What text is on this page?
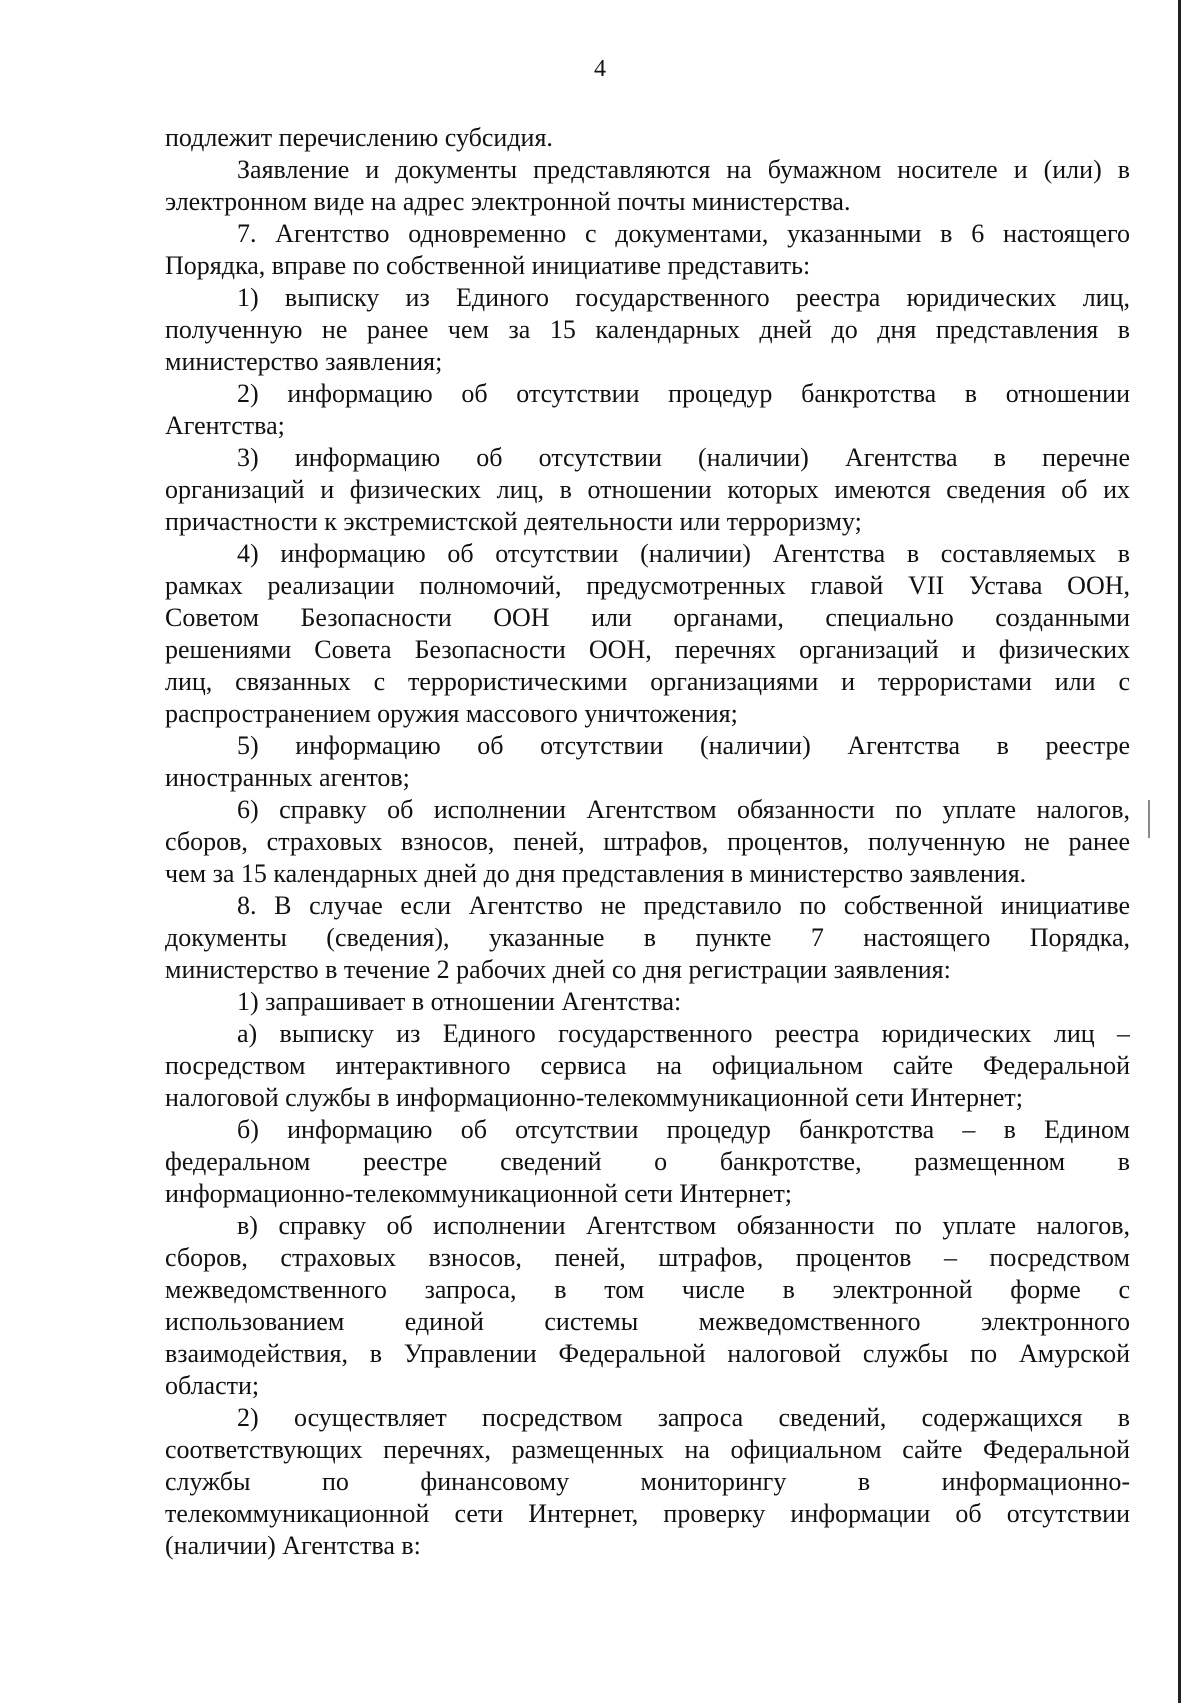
4
подлежит перечислению субсидия.
Заявление и документы представляются на бумажном носителе и (или) в
электронном виде на адрес электронной почты министерства.
7. Агентство одновременно с документами, указанными в 6 настоящего
Порядка, вправе по собственной инициативе представить:
1) выписку из Единого государственного реестра юридических лиц,
полученную не ранее чем за 15 календарных дней до дня представления в
министерство заявления;
2) информацию об отсутствии процедур банкротства в отношении
Агентства;
3) информацию об отсутствии (наличии) Агентства в перечне
организаций и физических лиц, в отношении которых имеются сведения об их
причастности к экстремистской деятельности или терроризму;
4) информацию об отсутствии (наличии) Агентства в составляемых в
рамках реализации полномочий, предусмотренных главой VII Устава ООН,
Советом Безопасности ООН или органами, специально созданными
решениями Совета Безопасности ООН, перечнях организаций и физических
лиц, связанных с террористическими организациями и террористами или с
распространением оружия массового уничтожения;
5) информацию об отсутствии (наличии) Агентства в реестре
иностранных агентов;
6) справку об исполнении Агентством обязанности по уплате налогов,
сборов, страховых взносов, пеней, штрафов, процентов, полученную не ранее
чем за 15 календарных дней до дня представления в министерство заявления.
8. В случае если Агентство не представило по собственной инициативе
документы (сведения), указанные в пункте 7 настоящего Порядка,
министерство в течение 2 рабочих дней со дня регистрации заявления:
1) запрашивает в отношении Агентства:
а) выписку из Единого государственного реестра юридических лиц –
посредством интерактивного сервиса на официальном сайте Федеральной
налоговой службы в информационно-телекоммуникационной сети Интернет;
б) информацию об отсутствии процедур банкротства – в Едином
федеральном реестре сведений о банкротстве, размещенном в
информационно-телекоммуникационной сети Интернет;
в) справку об исполнении Агентством обязанности по уплате налогов,
сборов, страховых взносов, пеней, штрафов, процентов – посредством
межведомственного запроса, в том числе в электронной форме с
использованием единой системы межведомственного электронного
взаимодействия, в Управлении Федеральной налоговой службы по Амурской
области;
2) осуществляет посредством запроса сведений, содержащихся в
соответствующих перечнях, размещенных на официальном сайте Федеральной
службы по финансовому мониторингу в информационно-
телекоммуникационной сети Интернет, проверку информации об отсутствии
(наличии) Агентства в:
